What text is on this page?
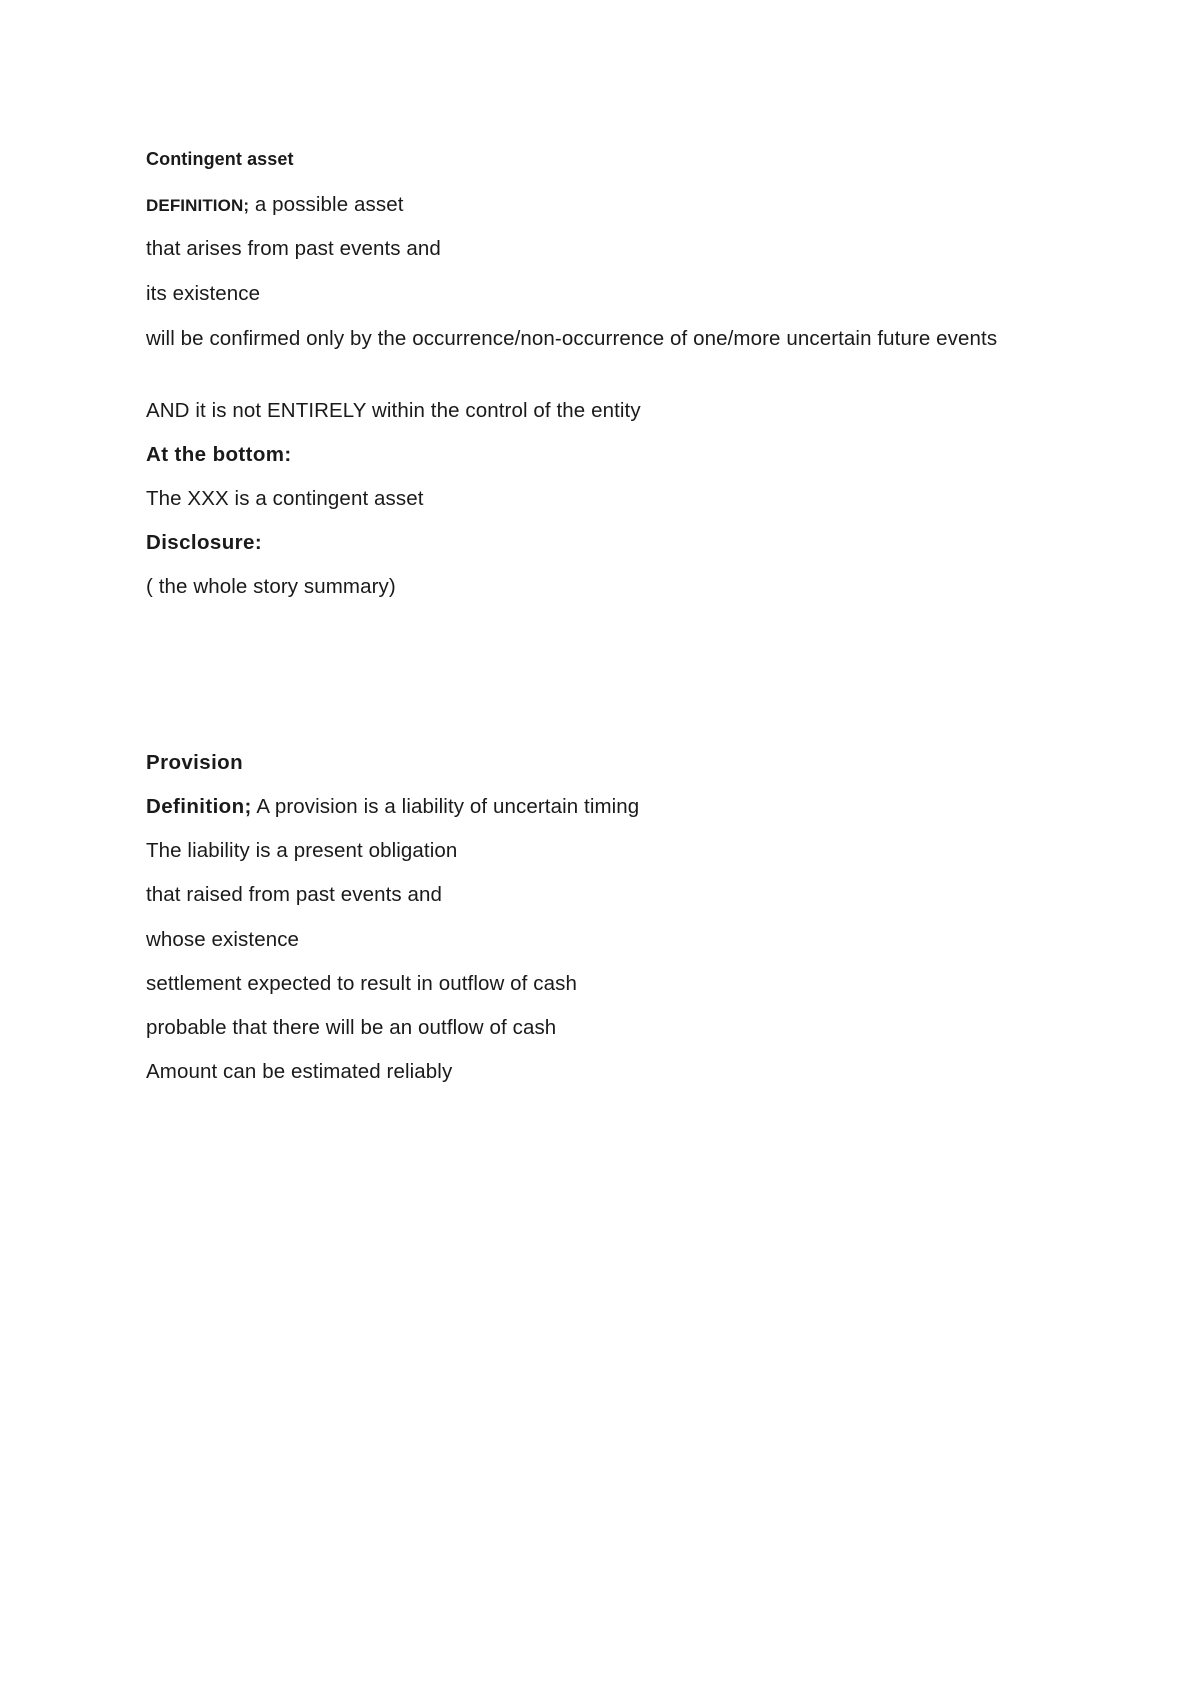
Contingent asset
DEFINITION; a possible asset
that arises from past events and
its existence
will be confirmed only by the occurrence/non-occurrence of one/more uncertain future events
AND it is not ENTIRELY within the control of the entity
At the bottom:
The XXX is a contingent asset
Disclosure:
( the whole story summary)
Provision
Definition; A provision is a liability of uncertain timing
The liability is a present obligation
that raised from past events and
whose existence
settlement expected to result in outflow of cash
probable that there will be an outflow of cash
Amount can be estimated reliably
